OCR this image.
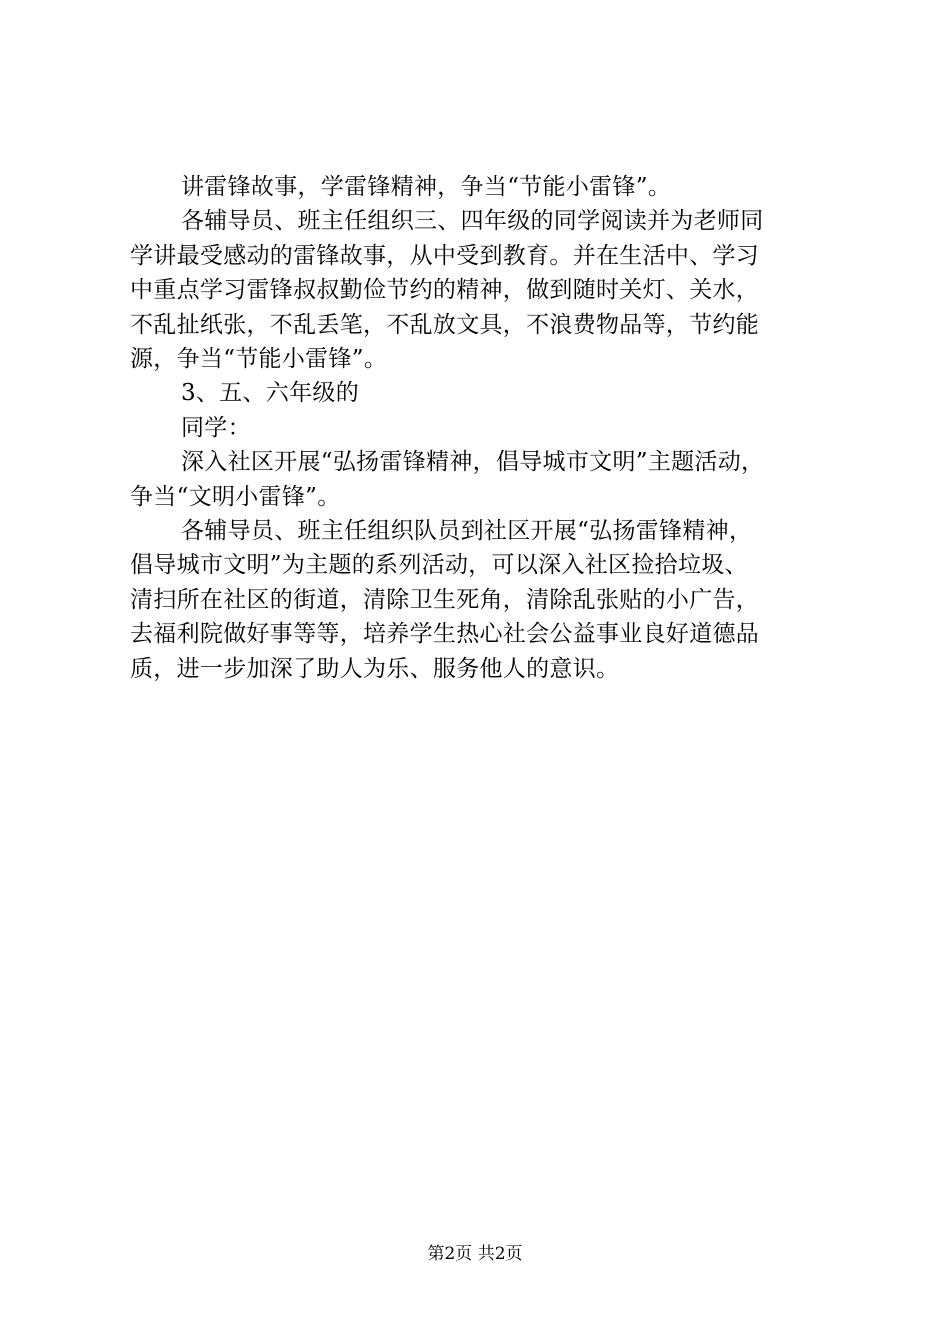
讲雷锋故事，学雷锋精神，争当“节能小雷锋”。
各辅导员、班主任组织三、四年级的同学阅读并为老师同
学讲最受感动的雷锋故事，从中受到教育。并在生活中、学习
中重点学习雷锋叔叔勤俭节约的精神，做到随时关灯、关水，
不乱扯纸张，不乱丢笔，不乱放文具，不浪费物品等，节约能
源，争当“节能小雷锋”。
3、五、六年级的
同学：
深入社区开展“弘扬雷锋精神，倡导城市文明”主题活动，
争当“文明小雷锋”。
各辅导员、班主任组织队员到社区开展“弘扬雷锋精神，
倡导城市文明”为主题的系列活动，可以深入社区捡拾垃圾、
清扫所在社区的街道，清除卫生死角，清除乱张贴的小广告，
去福利院做好事等等，培养学生热心社会公益事业良好道德品
质，进一步加深了助人为乐、服务他人的意识。
第2页 共2页
